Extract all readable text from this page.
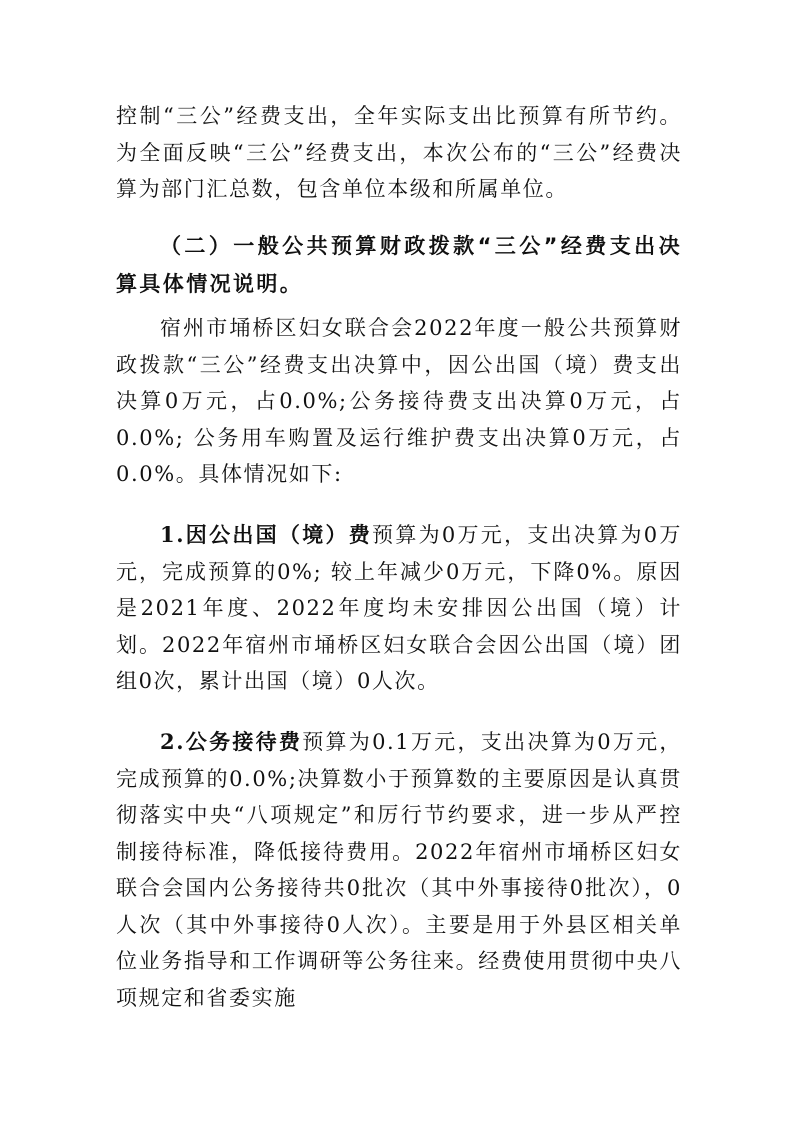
控制“三公”经费支出，全年实际支出比预算有所节约。为全面反映“三公”经费支出，本次公布的“三公”经费决算为部门汇总数，包含单位本级和所属单位。

（二）一般公共预算财政拨款“三公”经费支出决算具体情况说明。

宿州市埇桥区妇女联合会2022年度一般公共预算财政拨款“三公”经费支出决算中，因公出国（境）费支出决算0万元，占0.0%;公务接待费支出决算0万元，占0.0%; 公务用车购置及运行维护费支出决算0万元，占0.0%。具体情况如下:

1.因公出国（境）费预算为0万元，支出决算为0万元，完成预算的0%; 较上年减少0万元，下降0%。原因是2021年度、2022年度均未安排因公出国（境）计划。2022年宿州市埇桥区妇女联合会因公出国（境）团组0次，累计出国（境）0人次。

2.公务接待费预算为0.1万元，支出决算为0万元，完成预算的0.0%;决算数小于预算数的主要原因是认真贯彻落实中央“八项规定”和厉行节约要求，进一步从严控制接待标准，降低接待费用。2022年宿州市埇桥区妇女联合会国内公务接待共0批次（其中外事接待0批次），0人次（其中外事接待0人次）。主要是用于外县区相关单位业务指导和工作调研等公务往来。经费使用贯彻中央八项规定和省委实施
